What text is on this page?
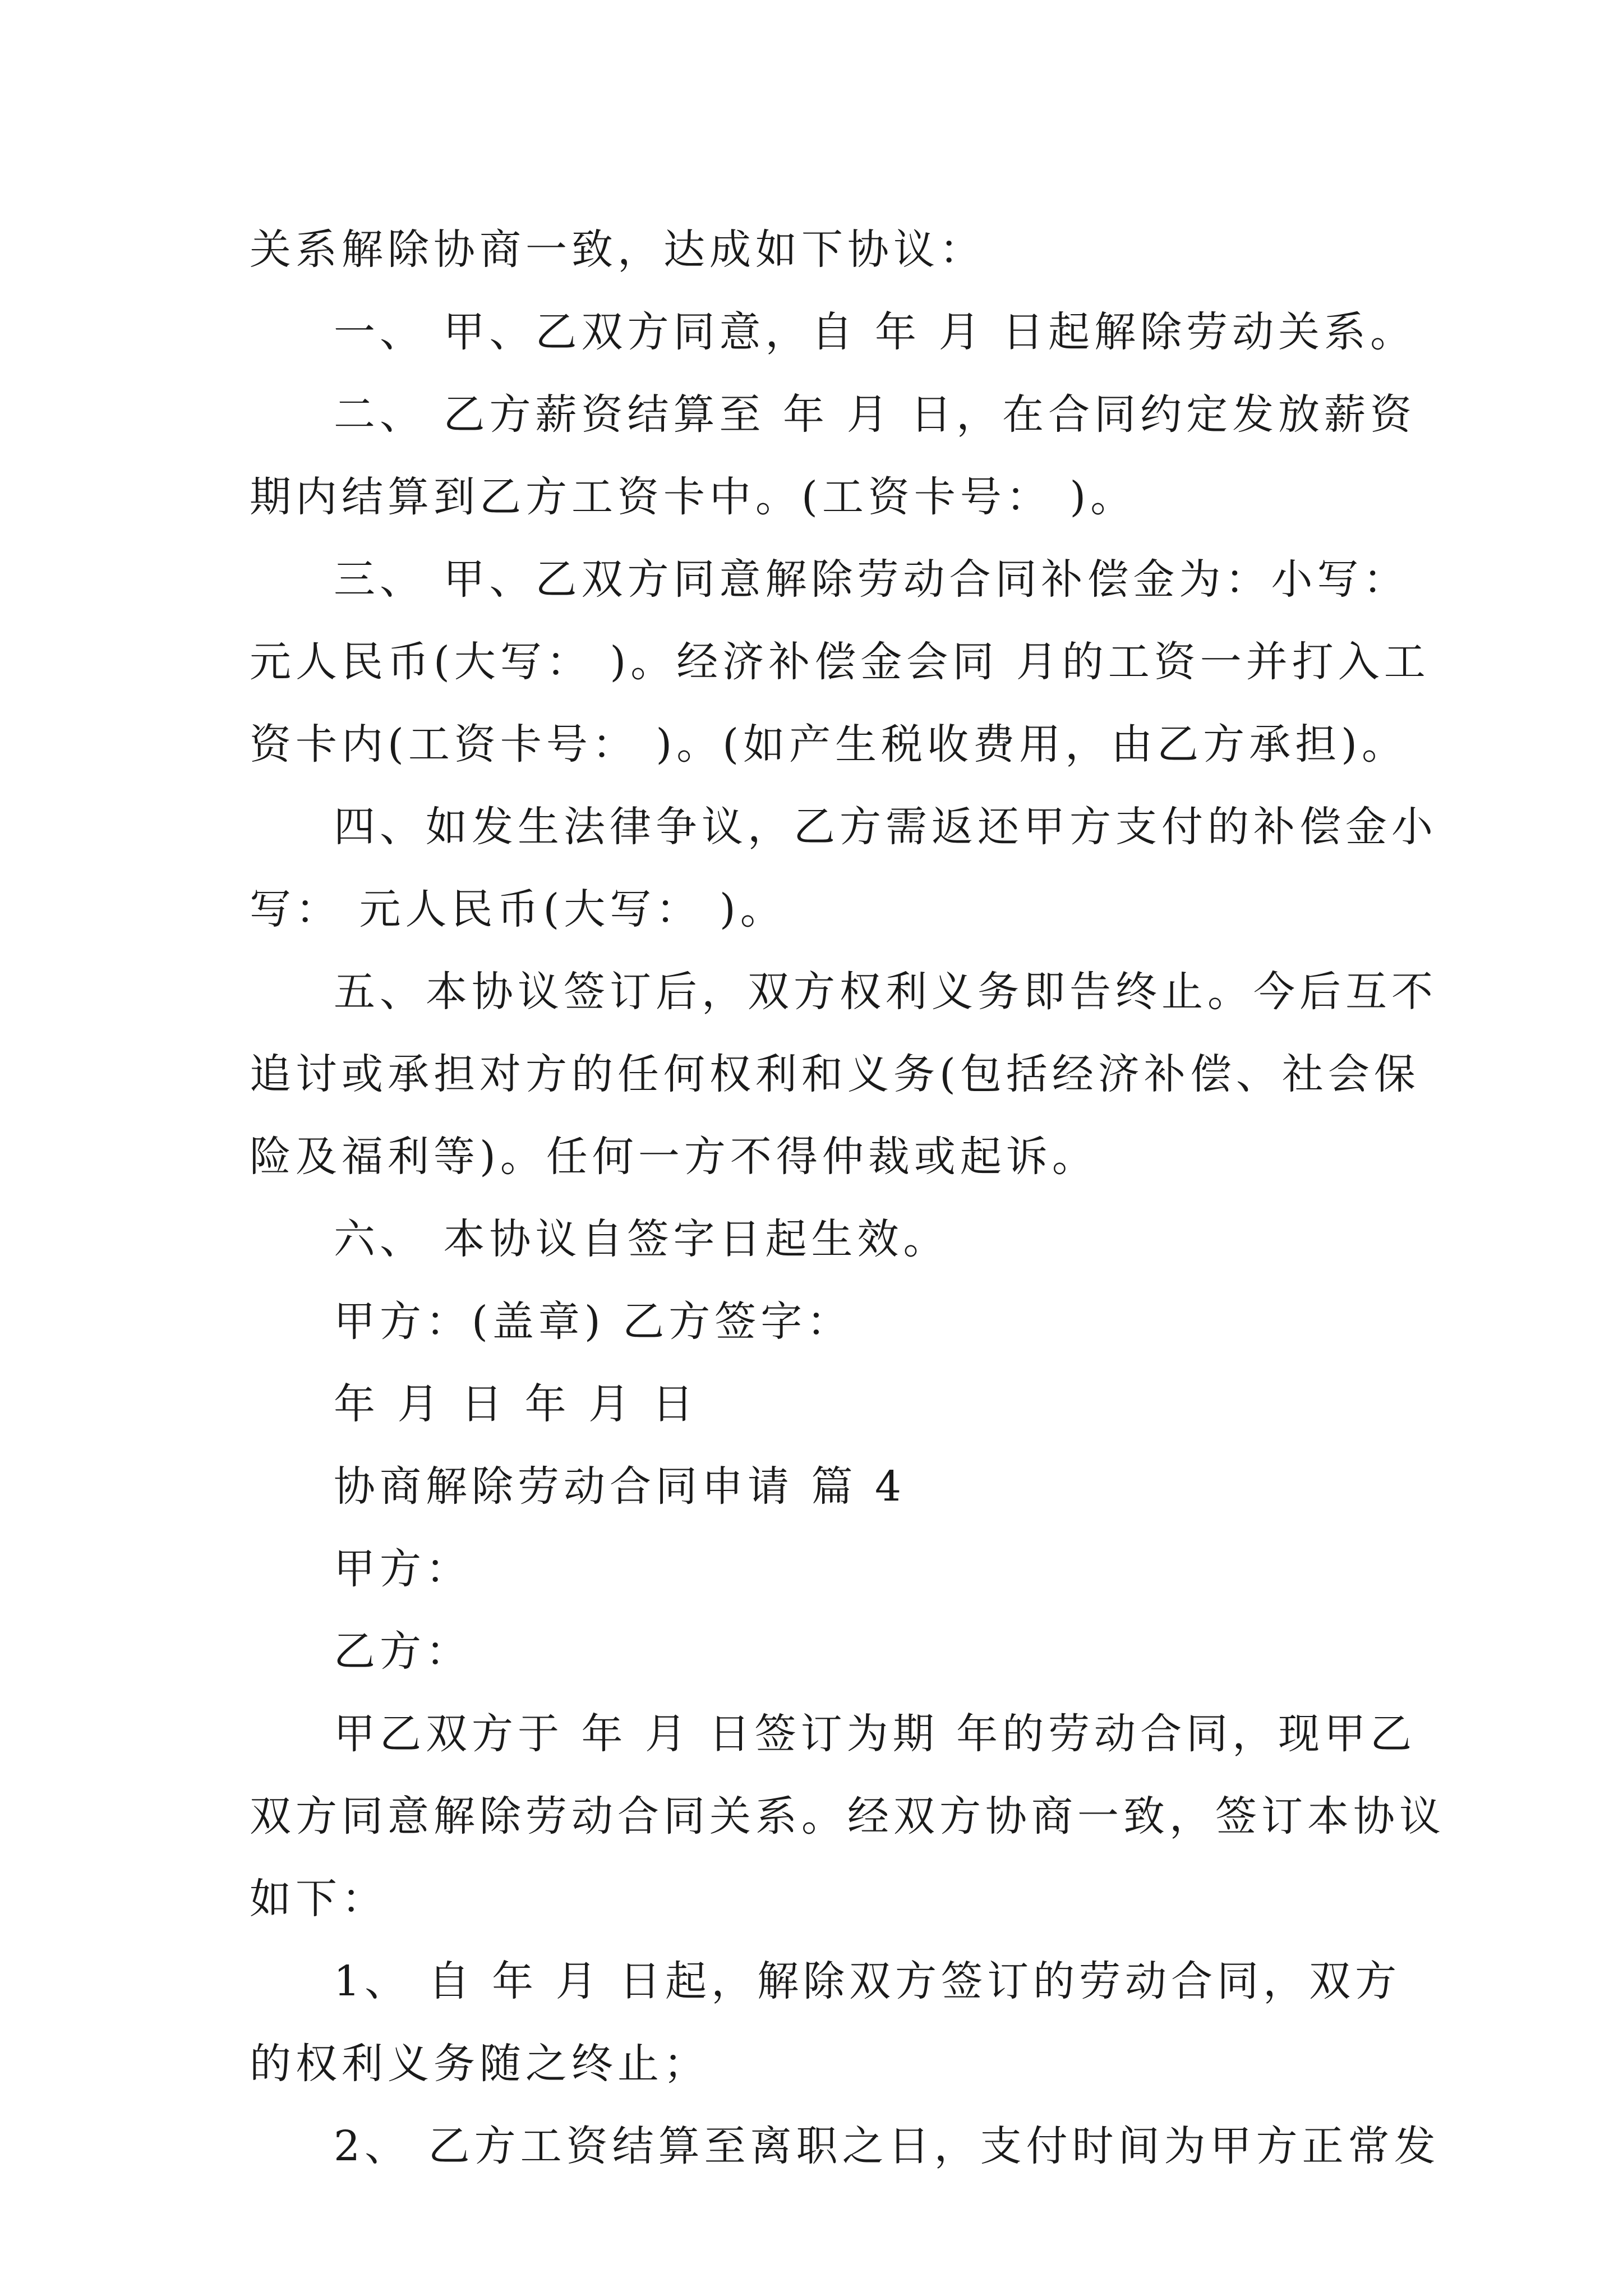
关系解除协商一致，达成如下协议：
一、 甲、乙双方同意，自 年 月 日起解除劳动关系。
二、 乙方薪资结算至 年 月 日，在合同约定发放薪资
期内结算到乙方工资卡中。(工资卡号： )。
三、 甲、乙双方同意解除劳动合同补偿金为：小写：
元人民币(大写： )。经济补偿金会同 月的工资一并打入工
资卡内(工资卡号： )。(如产生税收费用，由乙方承担)。
四、如发生法律争议，乙方需返还甲方支付的补偿金小
写： 元人民币(大写： )。
五、本协议签订后，双方权利义务即告终止。今后互不
追讨或承担对方的任何权利和义务(包括经济补偿、社会保
险及福利等)。任何一方不得仲裁或起诉。
六、 本协议自签字日起生效。
甲方：(盖章) 乙方签字：
年 月 日 年 月 日
协商解除劳动合同申请 篇 4
甲方：
乙方：
甲乙双方于 年 月 日签订为期 年的劳动合同，现甲乙
双方同意解除劳动合同关系。经双方协商一致，签订本协议
如下：
1、 自 年 月 日起，解除双方签订的劳动合同，双方
的权利义务随之终止；
2、 乙方工资结算至离职之日，支付时间为甲方正常发
